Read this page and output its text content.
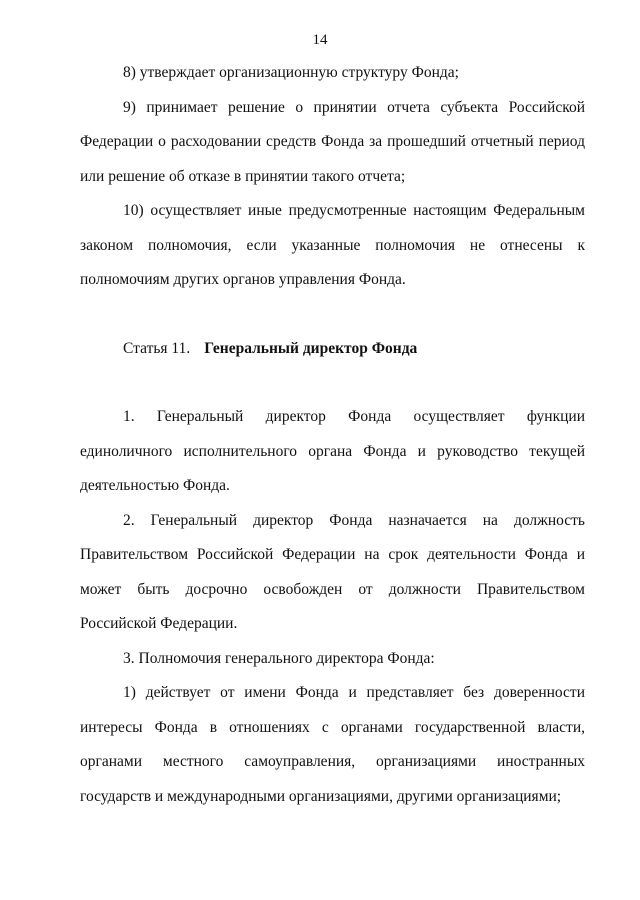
14

8) утверждает организационную структуру Фонда;

9) принимает решение о принятии отчета субъекта Российской Федерации о расходовании средств Фонда за прошедший отчетный период или решение об отказе в принятии такого отчета;

10) осуществляет иные предусмотренные настоящим Федеральным законом полномочия, если указанные полномочия не отнесены к полномочиям других органов управления Фонда.

Статья 11. Генеральный директор Фонда

1. Генеральный директор Фонда осуществляет функции единоличного исполнительного органа Фонда и руководство текущей деятельностью Фонда.

2. Генеральный директор Фонда назначается на должность Правительством Российской Федерации на срок деятельности Фонда и может быть досрочно освобожден от должности Правительством Российской Федерации.

3. Полномочия генерального директора Фонда:

1) действует от имени Фонда и представляет без доверенности интересы Фонда в отношениях с органами государственной власти, органами местного самоуправления, организациями иностранных государств и международными организациями, другими организациями;
